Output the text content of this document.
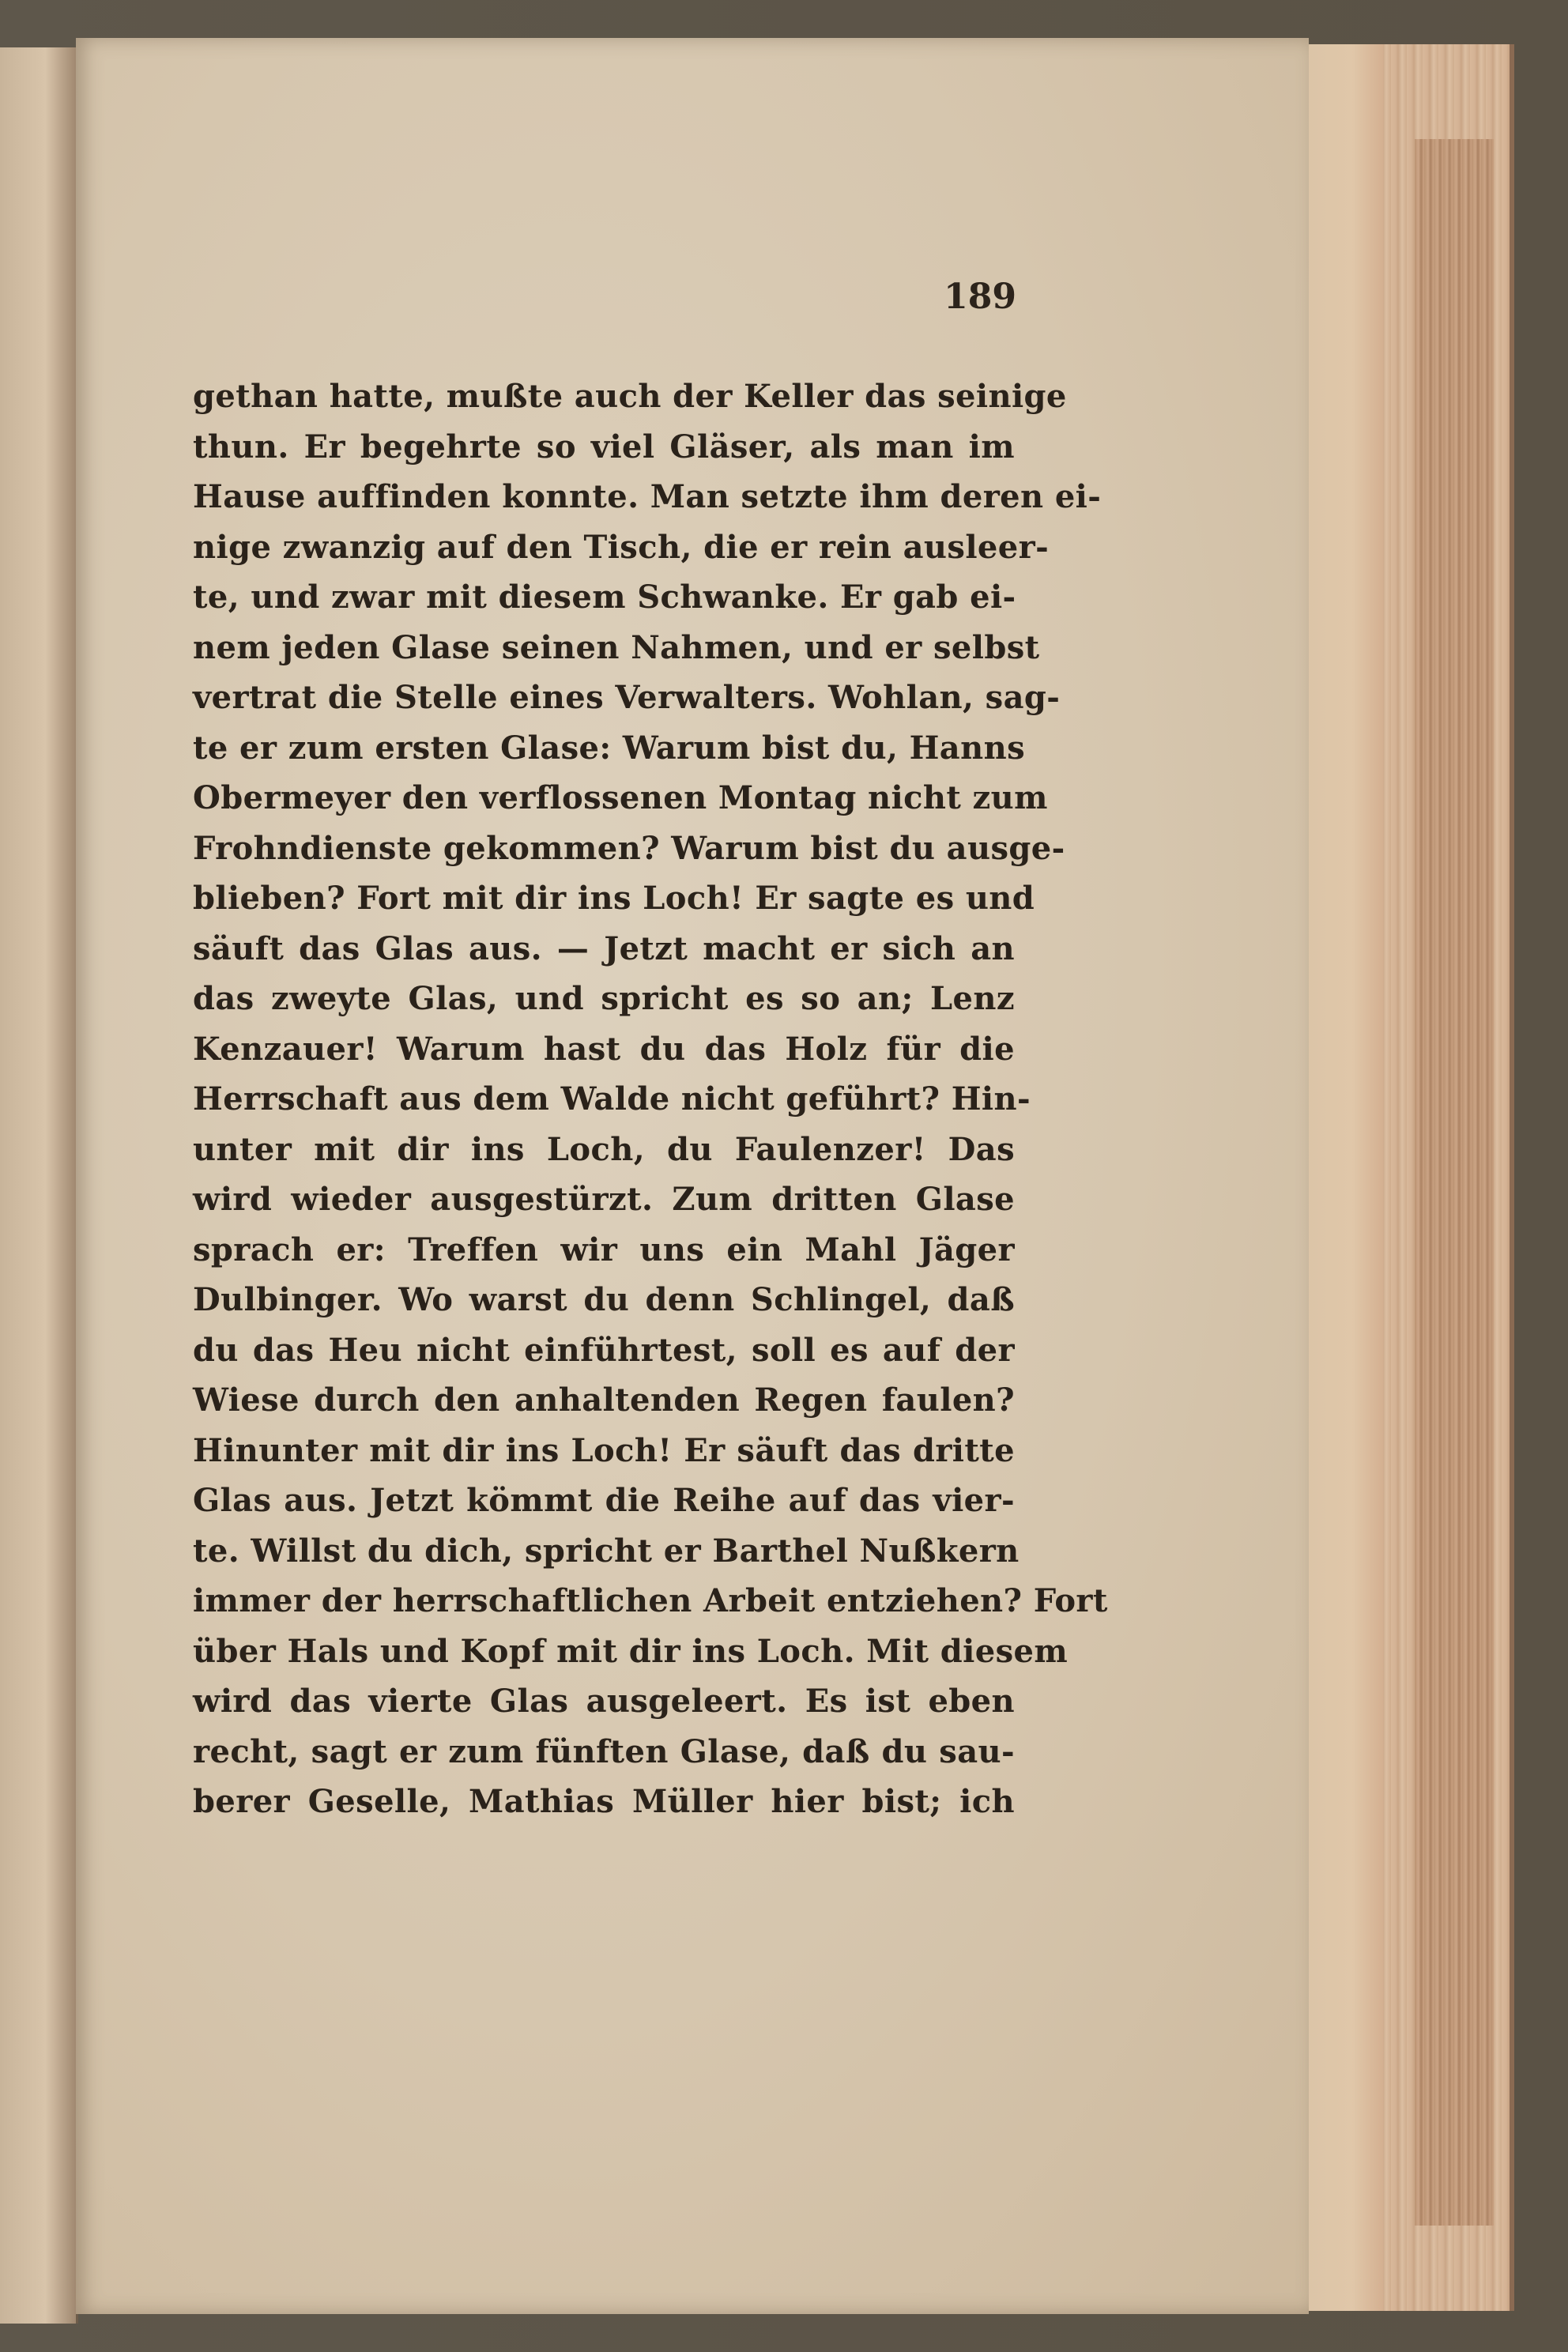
189
gethan hatte, mußte auch der Keller das seinige
thun. Er begehrte so viel Gläser, als man im
Hause auffinden konnte. Man setzte ihm deren ei-
nige zwanzig auf den Tisch, die er rein ausleer-
te, und zwar mit diesem Schwanke. Er gab ei-
nem jeden Glase seinen Nahmen, und er selbst
vertrat die Stelle eines Verwalters. Wohlan, sag-
te er zum ersten Glase: Warum bist du, Hanns
Obermeyer den verflossenen Montag nicht zum
Frohndienste gekommen? Warum bist du ausge-
blieben? Fort mit dir ins Loch! Er sagte es und
säuft das Glas aus. — Jetzt macht er sich an
das zweyte Glas, und spricht es so an; Lenz
Kenzauer! Warum hast du das Holz für die
Herrschaft aus dem Walde nicht geführt? Hin-
unter mit dir ins Loch, du Faulenzer! Das
wird wieder ausgestürzt. Zum dritten Glase
sprach er: Treffen wir uns ein Mahl Jäger
Dulbinger. Wo warst du denn Schlingel, daß
du das Heu nicht einführtest, soll es auf der
Wiese durch den anhaltenden Regen faulen?
Hinunter mit dir ins Loch! Er säuft das dritte
Glas aus. Jetzt kömmt die Reihe auf das vier-
te. Willst du dich, spricht er Barthel Nußkern
immer der herrschaftlichen Arbeit entziehen? Fort
über Hals und Kopf mit dir ins Loch. Mit diesem
wird das vierte Glas ausgeleert. Es ist eben
recht, sagt er zum fünften Glase, daß du sau-
berer Geselle, Mathias Müller hier bist; ich
